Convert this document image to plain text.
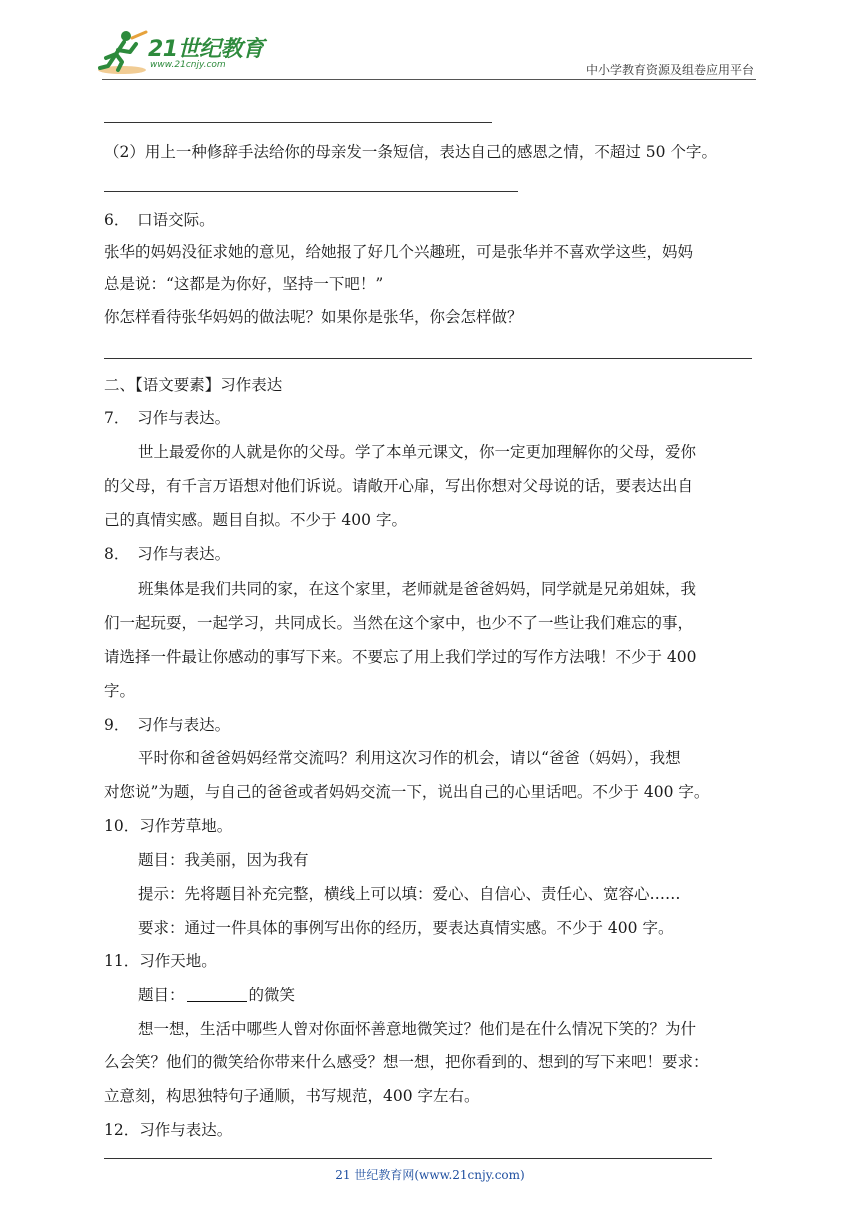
21世纪教育
www.21cnjy.com	中小学教育资源及组卷应用平台
（2）用上一种修辞手法给你的母亲发一条短信，表达自己的感恩之情，不超过 50 个字。
6．　口语交际。
张华的妈妈没征求她的意见，给她报了好几个兴趣班，可是张华并不喜欢学这些，妈妈
总是说：“这都是为你好，坚持一下吧！”
你怎样看待张华妈妈的做法呢？如果你是张华，你会怎样做？
二、【语文要素】习作表达
7．　习作与表达。
世上最爱你的人就是你的父母。学了本单元课文，你一定更加理解你的父母，爱你
的父母，有千言万语想对他们诉说。请敞开心扉，写出你想对父母说的话，要表达出自
己的真情实感。题目自拟。不少于 400 字。
8．　习作与表达。
班集体是我们共同的家，在这个家里，老师就是爸爸妈妈，同学就是兄弟姐妹，我
们一起玩耍，一起学习，共同成长。当然在这个家中，也少不了一些让我们难忘的事，
请选择一件最让你感动的事写下来。不要忘了用上我们学过的写作方法哦！不少于 400
字。
9．　习作与表达。
平时你和爸爸妈妈经常交流吗？利用这次习作的机会，请以“爸爸（妈妈），我想
对您说”为题，与自己的爸爸或者妈妈交流一下，说出自己的心里话吧。不少于 400 字。
10．习作芳草地。
题目：我美丽，因为我有
提示：先将题目补充完整，横线上可以填：爱心、自信心、责任心、宽容心……
要求：通过一件具体的事例写出你的经历，要表达真情实感。不少于 400 字。
11．习作天地。
题目：	的微笑
想一想，生活中哪些人曾对你面怀善意地微笑过？他们是在什么情况下笑的？为什
么会笑？他们的微笑给你带来什么感受？想一想，把你看到的、想到的写下来吧！要求：
立意刻，构思独特句子通顺，书写规范，400 字左右。
12．习作与表达。
21 世纪教育网(www.21cnjy.com)
